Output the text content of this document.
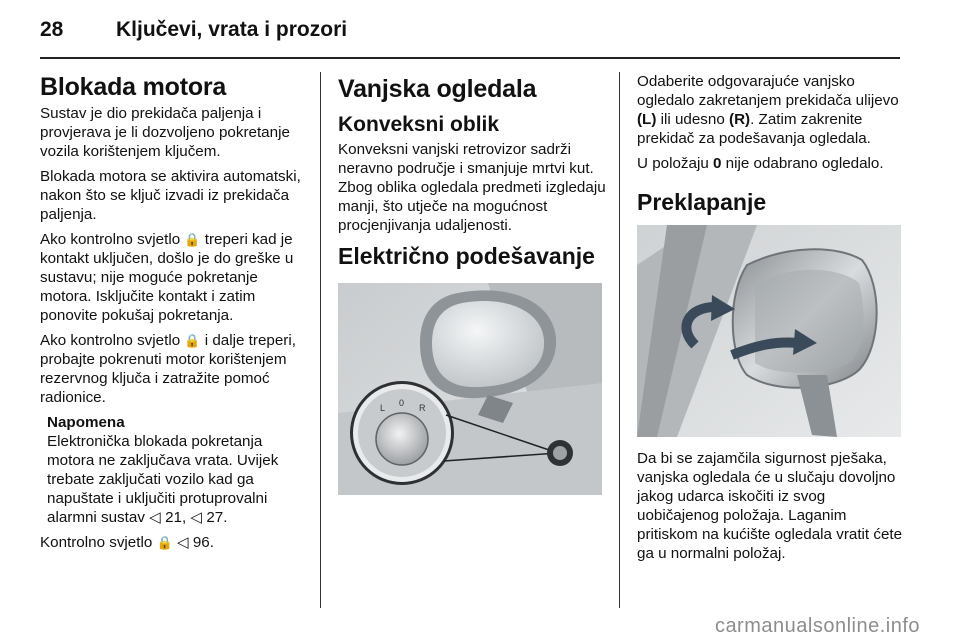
28	Ključevi, vrata i prozori
Blokada motora

Sustav je dio prekidača paljenja i provjerava je li dozvoljeno pokretanje vozila korištenjem ključem.

Blokada motora se aktivira automatski, nakon što se ključ izvadi iz prekidača paljenja.

Ako kontrolno svjetlo 🔒 treperi kad je kontakt uključen, došlo je do greške u sustavu; nije moguće pokretanje motora. Isključite kontakt i zatim ponovite pokušaj pokretanja.

Ako kontrolno svjetlo 🔒 i dalje treperi, probajte pokrenuti motor korištenjem rezervnog ključa i zatražite pomoć radionice.

Napomena
Elektronička blokada pokretanja motora ne zaključava vrata. Uvijek trebate zaključati vozilo kad ga napuštate i uključiti protuprovalni alarmni sustav ◁ 21, ◁ 27.

Kontrolno svjetlo 🔒 ◁ 96.

Vanjska ogledala
Konveksni oblik

Konveksni vanjski retrovizor sadrži neravno područje i smanjuje mrtvi kut. Zbog oblika ogledala predmeti izgledaju manji, što utječe na mogućnost procjenjivanja udaljenosti.

Električno podešavanje
L 0 R

Odaberite odgovarajuće vanjsko ogledalo zakretanjem prekidača ulijevo (L) ili udesno (R). Zatim zakrenite prekidač za podešavanja ogledala.

U položaju 0 nije odabrano ogledalo.

Preklapanje

Da bi se zajamčila sigurnost pješaka, vanjska ogledala će u slučaju dovoljno jakog udarca iskočiti iz svog uobičajenog položaja. Laganim pritiskom na kućište ogledala vratit ćete ga u normalni položaj.

carmanualsonline.info
